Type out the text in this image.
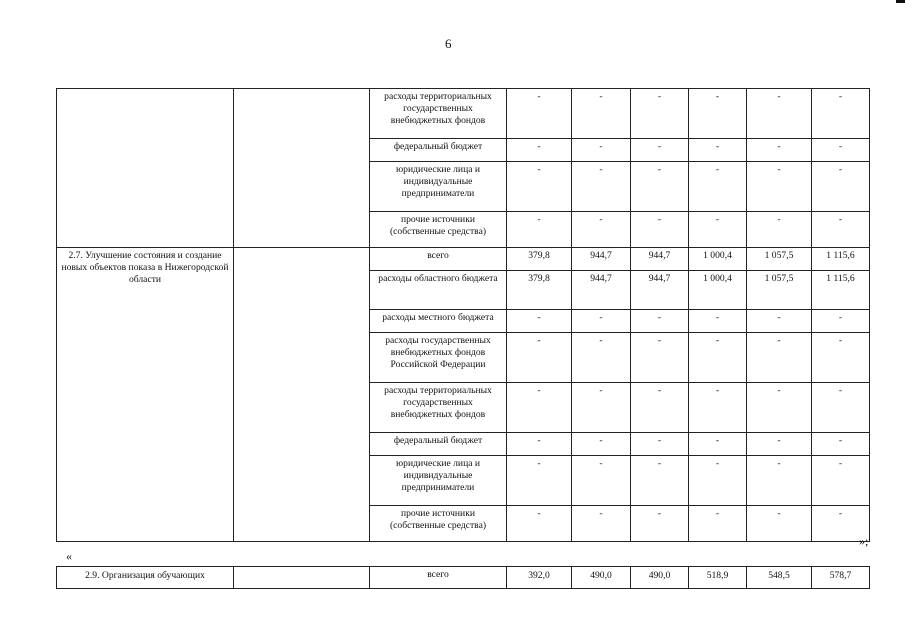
6
		расходы территориальных государственных внебюджетных фондов	-	-	-	-	-	-
		федеральный бюджет	-	-	-	-	-	-
		юридические лица и индивидуальные предприниматели	-	-	-	-	-	-
		прочие источники (собственные средства)	-	-	-	-	-	-
2.7. Улучшение состояния и создание новых объектов показа в Нижегородской области		всего	379,8	944,7	944,7	1 000,4	1 057,5	1 115,6
		расходы областного бюджета	379,8	944,7	944,7	1 000,4	1 057,5	1 115,6
		расходы местного бюджета	-	-	-	-	-	-
		расходы государственных внебюджетных фондов Российской Федерации	-	-	-	-	-	-
		расходы территориальных государственных внебюджетных фондов	-	-	-	-	-	-
		федеральный бюджет	-	-	-	-	-	-
		юридические лица и индивидуальные предприниматели	-	-	-	-	-	-
		прочие источники (собственные средства)	-	-	-	-	-	-
»;
«
2.9. Организация обучающих		всего	392,0	490,0	490,0	518,9	548,5	578,7
